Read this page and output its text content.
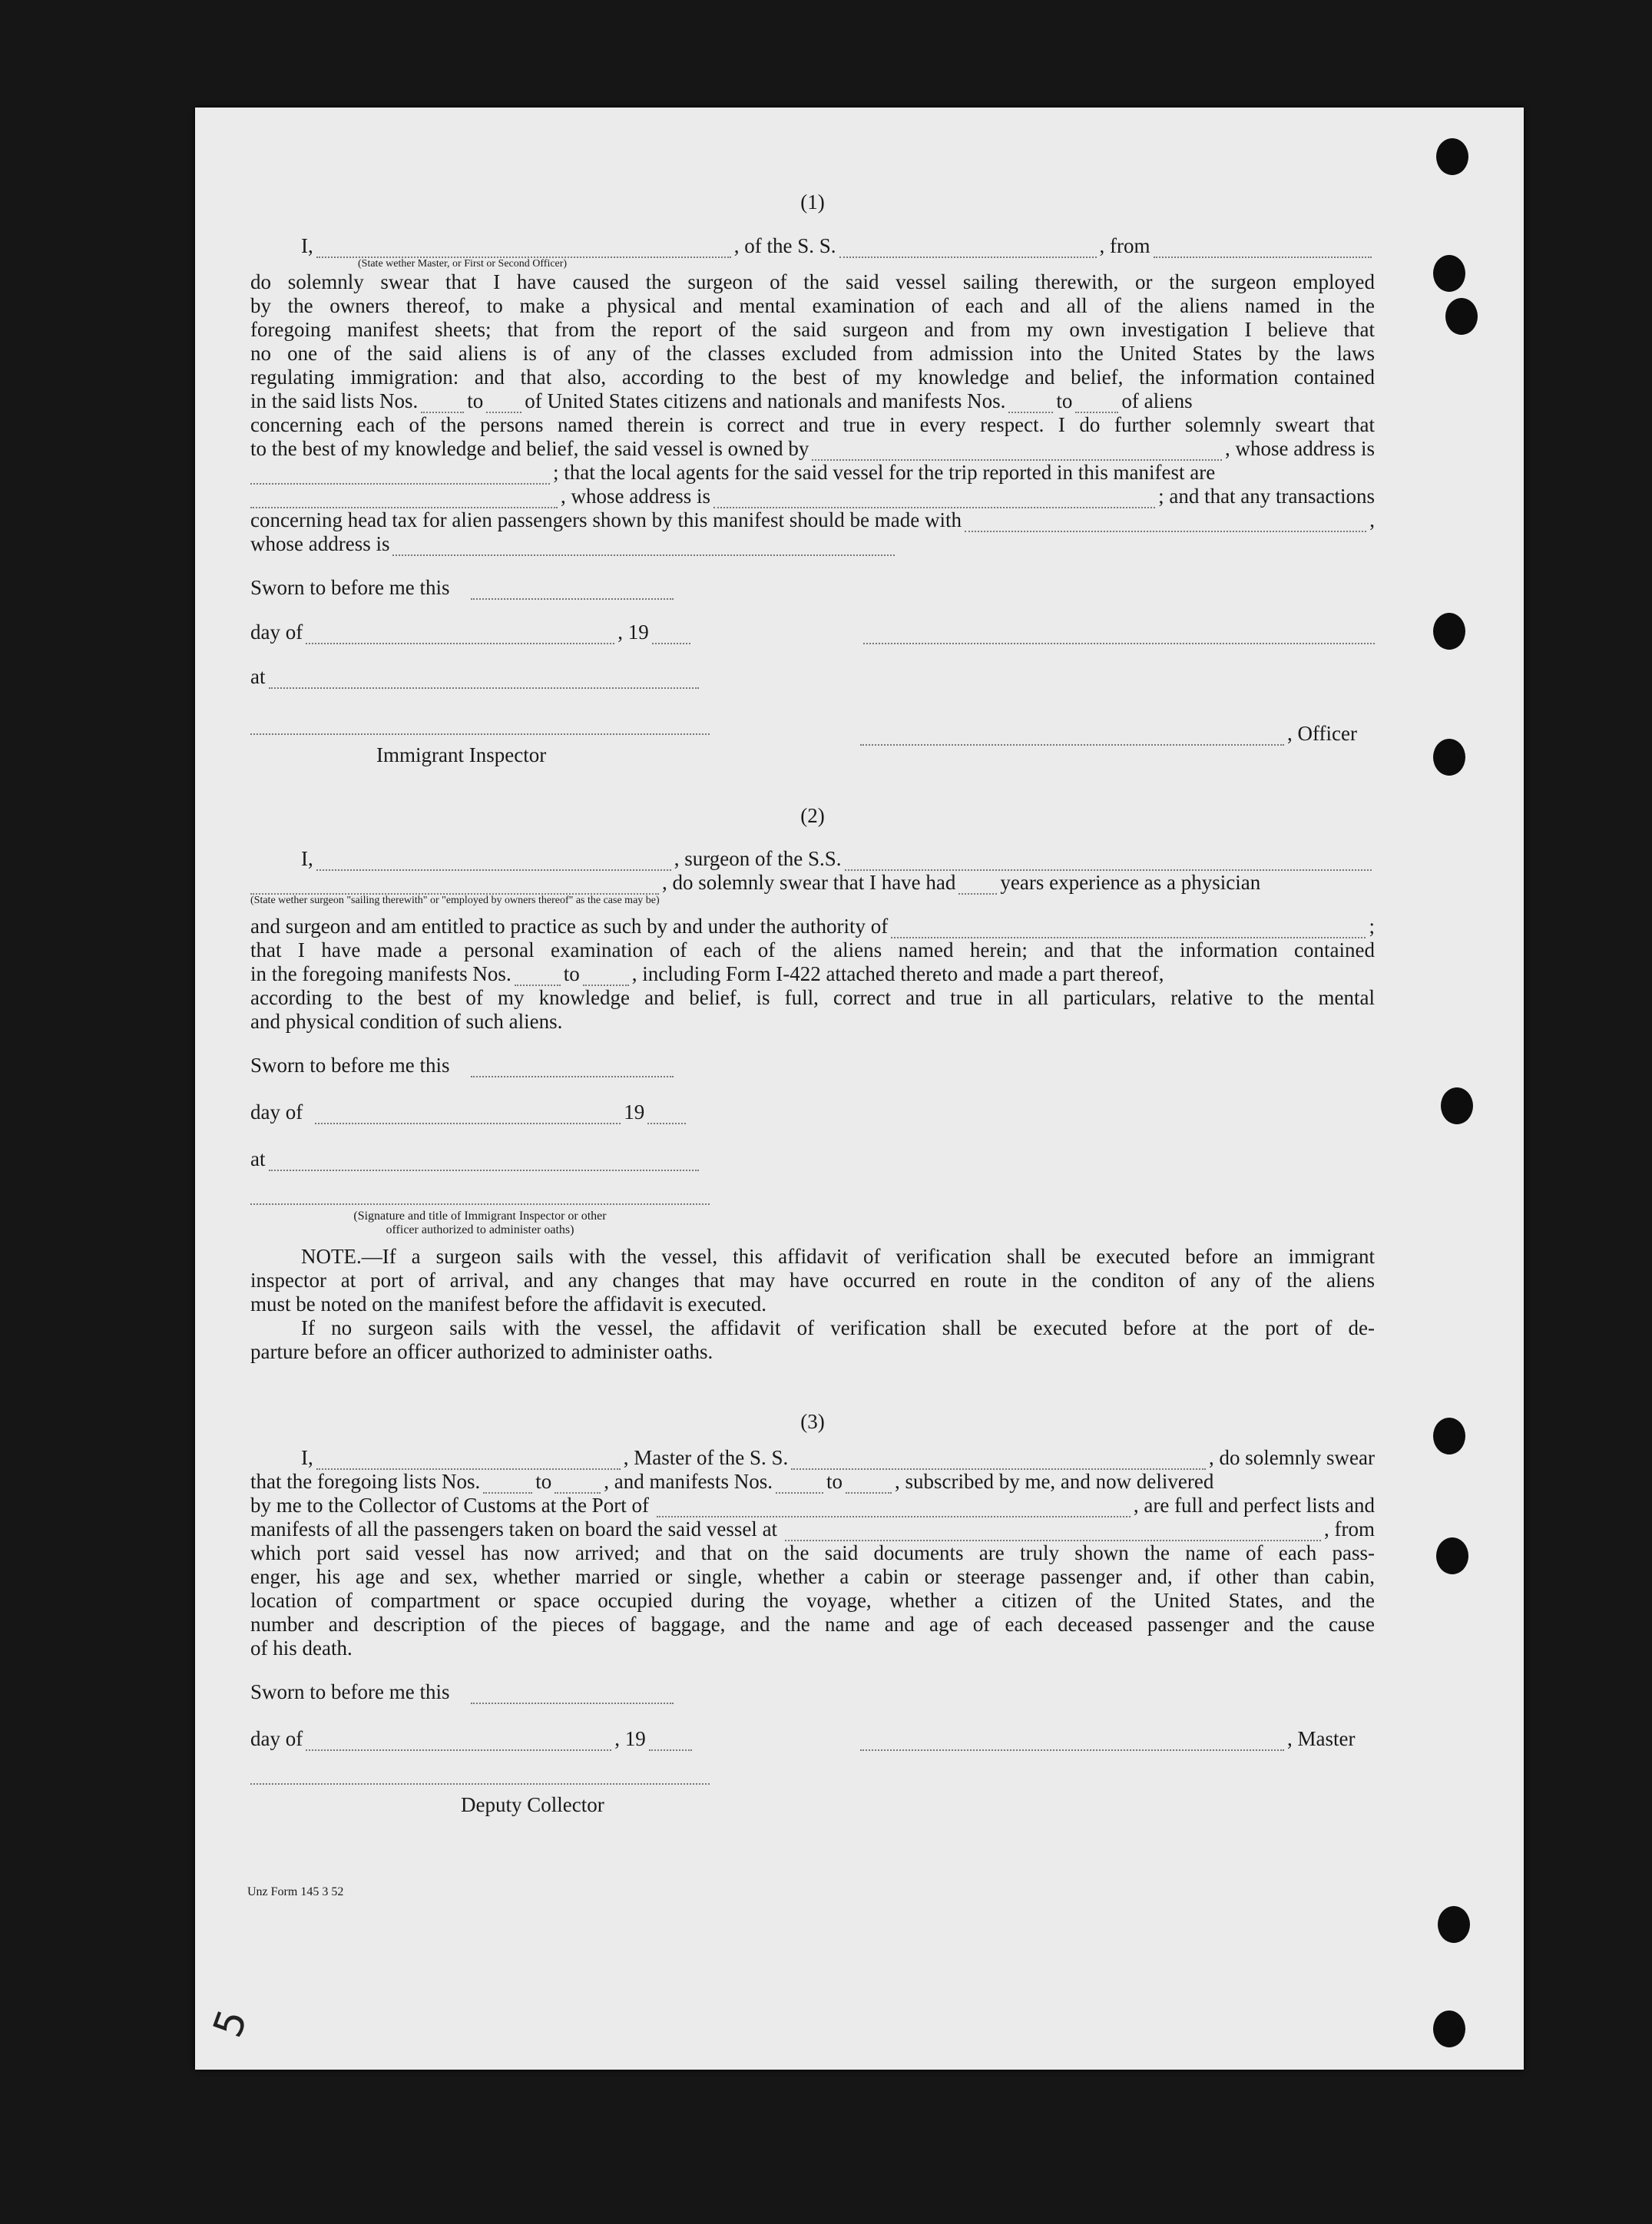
(1)

I,	, of the S. S.	, from
(State wether Master, or First or Second Officer)

do solemnly swear that I have caused the surgeon of the said vessel sailing therewith, or the surgeon employed

by the owners thereof, to make a physical and mental examination of each and all of the aliens named in the

foregoing manifest sheets; that from the report of the said surgeon and from my own investigation I believe that

no one of the said aliens is of any of the classes excluded from admission into the United States by the laws

regulating immigration: and that also, according to the best of my knowledge and belief, the information contained

in the said lists Nos. to of United States citizens and nationals and manifests Nos. to of aliens

concerning each of the persons named therein is correct and true in every respect. I do further solemnly sweart that

to the best of my knowledge and belief, the said vessel is owned by	, whose address is
; that the local agents for the said vessel for the trip reported in this manifest are
, whose address is	; and that any transactions
concerning head tax for alien passengers shown by this manifest should be made with	,
whose address is
Sworn to before me this
day of	, 19
at
, Officer
Immigrant Inspector

(2)

I,	, surgeon of the S.S.
, do solemnly swear that I have had years experience as a physician
(State wether surgeon "sailing therewith" or "employed by owners thereof" as the case may be)
and surgeon and am entitled to practice as such by and under the authority of	;

that I have made a personal examination of each of the aliens named herein; and that the information contained

in the foregoing manifests Nos.	to	, including Form I-422 attached thereto and made a part thereof,

according to the best of my knowledge and belief, is full, correct and true in all particulars, relative to the mental

and physical condition of such aliens.

Sworn to before me this
day of	19
at
(Signature and title of Immigrant Inspector or other
officer authorized to administer oaths)

NOTE.—If a surgeon sails with the vessel, this affidavit of verification shall be executed before an immigrant

inspector at port of arrival, and any changes that may have occurred en route in the conditon of any of the aliens

must be noted on the manifest before the affidavit is executed.

If no surgeon sails with the vessel, the affidavit of verification shall be executed before at the port of de-

parture before an officer authorized to administer oaths.

(3)

I,	, Master of the S. S.	, do solemnly swear
that the foregoing lists Nos.	to	, and manifests Nos.	to	, subscribed by me, and now delivered
by me to the Collector of Customs at the Port of	, are full and perfect lists and
manifests of all the passengers taken on board the said vessel at	, from

which port said vessel has now arrived; and that on the said documents are truly shown the name of each pass-

enger, his age and sex, whether married or single, whether a cabin or steerage passenger and, if other than cabin,

location of compartment or space occupied during the voyage, whether a citizen of the United States, and the

number and description of the pieces of baggage, and the name and age of each deceased passenger and the cause

of his death.

Sworn to before me this
day of	, 19	, Master
Deputy Collector
Unz Form 145 3 52
5
